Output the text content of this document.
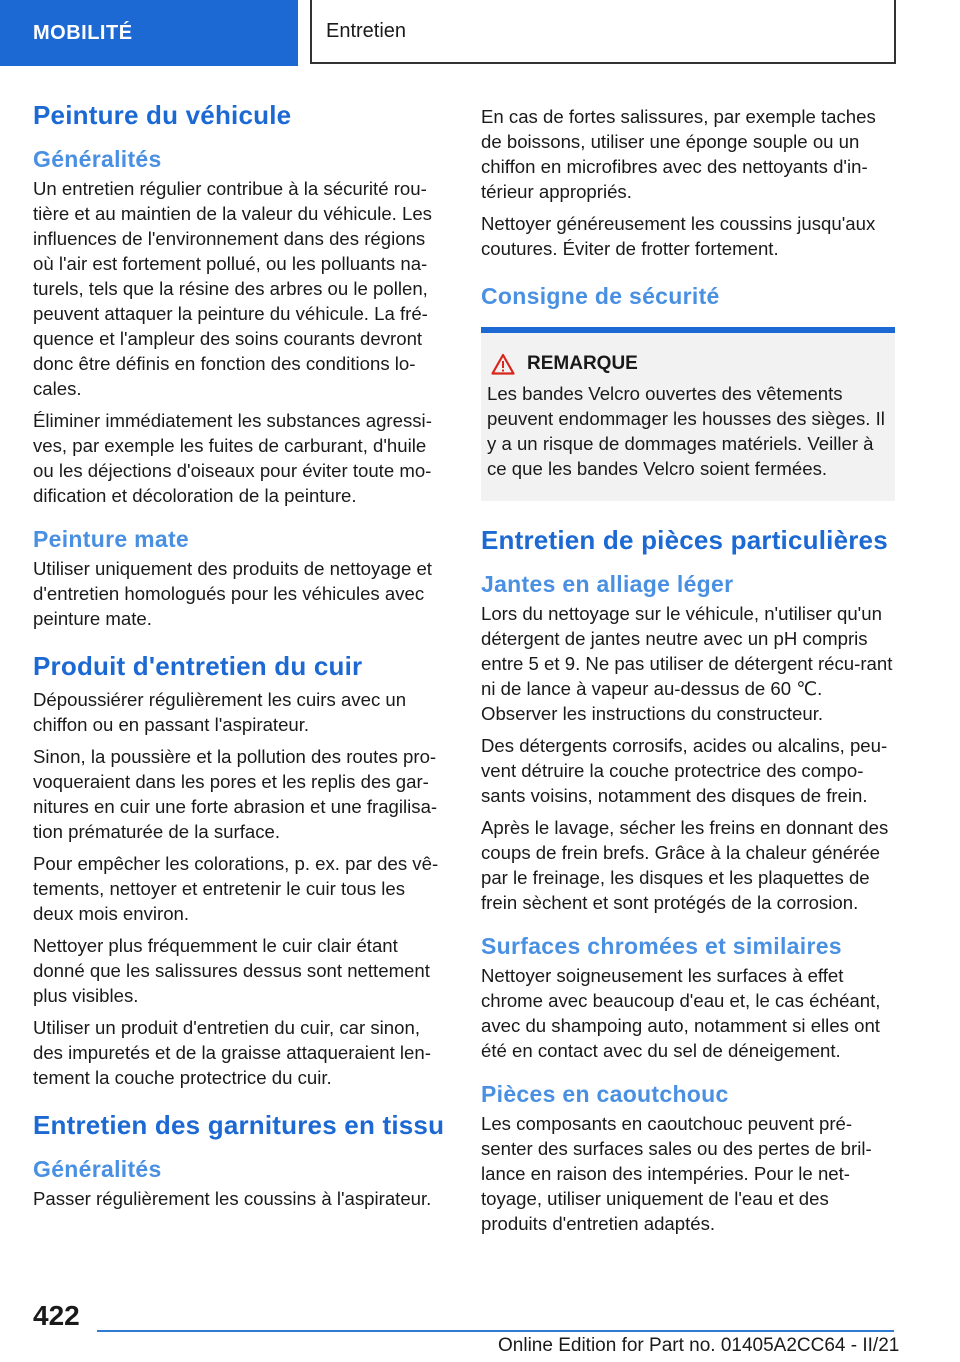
MOBILITÉ	Entretien
Peinture du véhicule
Généralités

Un entretien régulier contribue à la sécurité rou-tière et au maintien de la valeur du véhicule. Les influences de l'environnement dans des régions où l'air est fortement pollué, ou les polluants na-turels, tels que la résine des arbres ou le pollen, peuvent attaquer la peinture du véhicule. La fré-quence et l'ampleur des soins courants devront donc être définis en fonction des conditions lo-cales.

Éliminer immédiatement les substances agressi-ves, par exemple les fuites de carburant, d'huile ou les déjections d'oiseaux pour éviter toute mo-dification et décoloration de la peinture.

Peinture mate

Utiliser uniquement des produits de nettoyage et d'entretien homologués pour les véhicules avec peinture mate.

Produit d'entretien du cuir

Dépoussiérer régulièrement les cuirs avec un chiffon ou en passant l'aspirateur.

Sinon, la poussière et la pollution des routes pro-voqueraient dans les pores et les replis des gar-nitures en cuir une forte abrasion et une fragilisa-tion prématurée de la surface.

Pour empêcher les colorations, p. ex. par des vê-tements, nettoyer et entretenir le cuir tous les deux mois environ.

Nettoyer plus fréquemment le cuir clair étant donné que les salissures dessus sont nettement plus visibles.

Utiliser un produit d'entretien du cuir, car sinon, des impuretés et de la graisse attaqueraient len-tement la couche protectrice du cuir.

Entretien des garnitures en tissu
Généralités

Passer régulièrement les coussins à l'aspirateur.

En cas de fortes salissures, par exemple taches de boissons, utiliser une éponge souple ou un chiffon en microfibres avec des nettoyants d'in-térieur appropriés.

Nettoyer généreusement les coussins jusqu'aux coutures. Éviter de frotter fortement.

Consigne de sécurité
REMARQUE

Les bandes Velcro ouvertes des vêtements peuvent endommager les housses des sièges. Il y a un risque de dommages matériels. Veiller à ce que les bandes Velcro soient fermées.

Entretien de pièces particulières
Jantes en alliage léger

Lors du nettoyage sur le véhicule, n'utiliser qu'un détergent de jantes neutre avec un pH compris entre 5 et 9. Ne pas utiliser de détergent récu-rant ni de lance à vapeur au-dessus de 60 ℃. Observer les instructions du constructeur.

Des détergents corrosifs, acides ou alcalins, peu-vent détruire la couche protectrice des compo-sants voisins, notamment des disques de frein.

Après le lavage, sécher les freins en donnant des coups de frein brefs. Grâce à la chaleur générée par le freinage, les disques et les plaquettes de frein sèchent et sont protégés de la corrosion.

Surfaces chromées et similaires

Nettoyer soigneusement les surfaces à effet chrome avec beaucoup d'eau et, le cas échéant, avec du shampoing auto, notamment si elles ont été en contact avec du sel de déneigement.

Pièces en caoutchouc

Les composants en caoutchouc peuvent pré-senter des surfaces sales ou des pertes de bril-lance en raison des intempéries. Pour le net-toyage, utiliser uniquement de l'eau et des produits d'entretien adaptés.

422
Online Edition for Part no. 01405A2CC64 - II/21
